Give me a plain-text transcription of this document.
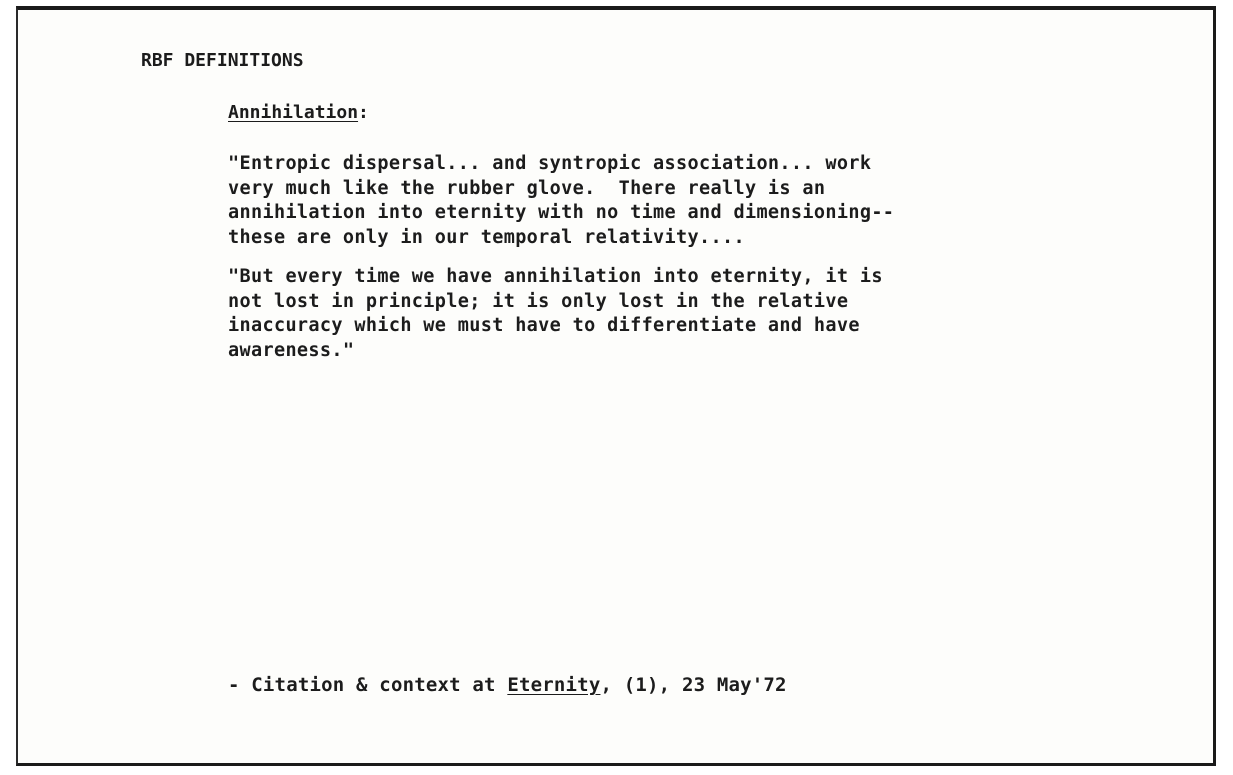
RBF DEFINITIONS
Annihilation:
"Entropic dispersal... and syntropic association... work
very much like the rubber glove.  There really is an
annihilation into eternity with no time and dimensioning--
these are only in our temporal relativity....
"But every time we have annihilation into eternity, it is
not lost in principle; it is only lost in the relative
inaccuracy which we must have to differentiate and have
awareness."
- Citation & context at Eternity, (1), 23 May'72
